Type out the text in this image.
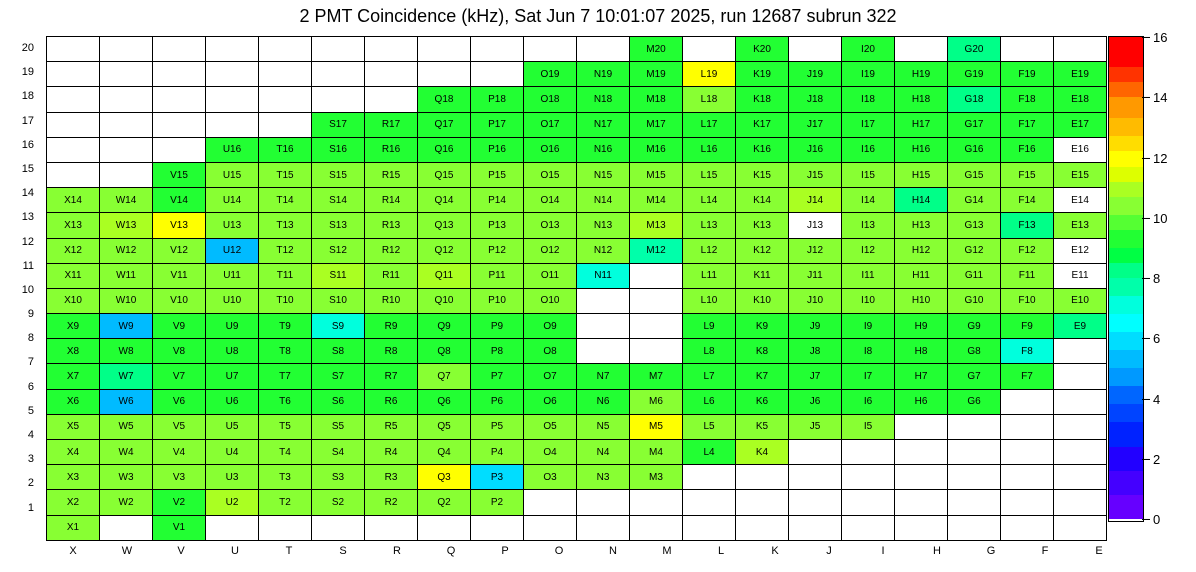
2 PMT Coincidence (kHz), Sat Jun 7 10:01:07 2025, run 12687 subrun 322
20
19
18
17
16
15
14
13
12
11
10
9
8
7
6
5
4
3
2
1
											M20		K20		I20		G20		
									O19	N19	M19	L19	K19	J19	I19	H19	G19	F19	E19
							Q18	P18	O18	N18	M18	L18	K18	J18	I18	H18	G18	F18	E18
					S17	R17	Q17	P17	O17	N17	M17	L17	K17	J17	I17	H17	G17	F17	E17
			U16	T16	S16	R16	Q16	P16	O16	N16	M16	L16	K16	J16	I16	H16	G16	F16	E16
		V15	U15	T15	S15	R15	Q15	P15	O15	N15	M15	L15	K15	J15	I15	H15	G15	F15	E15
X14	W14	V14	U14	T14	S14	R14	Q14	P14	O14	N14	M14	L14	K14	J14	I14	H14	G14	F14	E14
X13	W13	V13	U13	T13	S13	R13	Q13	P13	O13	N13	M13	L13	K13	J13	I13	H13	G13	F13	E13
X12	W12	V12	U12	T12	S12	R12	Q12	P12	O12	N12	M12	L12	K12	J12	I12	H12	G12	F12	E12
X11	W11	V11	U11	T11	S11	R11	Q11	P11	O11	N11		L11	K11	J11	I11	H11	G11	F11	E11
X10	W10	V10	U10	T10	S10	R10	Q10	P10	O10			L10	K10	J10	I10	H10	G10	F10	E10
X9	W9	V9	U9	T9	S9	R9	Q9	P9	O9			L9	K9	J9	I9	H9	G9	F9	E9
X8	W8	V8	U8	T8	S8	R8	Q8	P8	O8			L8	K8	J8	I8	H8	G8	F8	
X7	W7	V7	U7	T7	S7	R7	Q7	P7	O7	N7	M7	L7	K7	J7	I7	H7	G7	F7	
X6	W6	V6	U6	T6	S6	R6	Q6	P6	O6	N6	M6	L6	K6	J6	I6	H6	G6		
X5	W5	V5	U5	T5	S5	R5	Q5	P5	O5	N5	M5	L5	K5	J5	I5				
X4	W4	V4	U4	T4	S4	R4	Q4	P4	O4	N4	M4	L4	K4						
X3	W3	V3	U3	T3	S3	R3	Q3	P3	O3	N3	M3								
X2	W2	V2	U2	T2	S2	R2	Q2	P2											
X1		V1																	
X	W	V	U	T	S	R	Q	P	O	N	M	L	K	J	I	H	G	F	E
0
2
4
6
8
10
12
14
16
